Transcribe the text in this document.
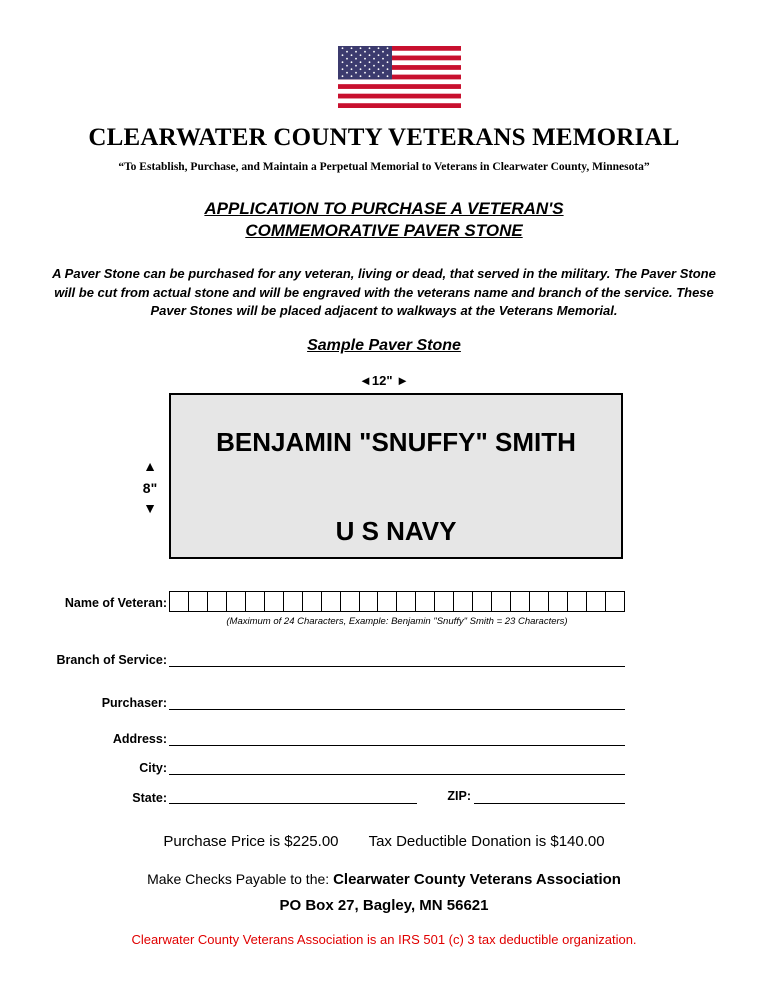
CLEARWATER COUNTY VETERANS MEMORIAL
“To Establish, Purchase, and Maintain a Perpetual Memorial to Veterans in Clearwater County, Minnesota”
APPLICATION TO PURCHASE A VETERAN'S
COMMEMORATIVE PAVER STONE
A Paver Stone can be purchased for any veteran, living or dead, that served in the military. The Paver Stone will be cut from actual stone and will be engraved with the veterans name and branch of the service. These Paver Stones will be placed adjacent to walkways at the Veterans Memorial.
Sample Paver Stone
◄12" ►
BENJAMIN "SNUFFY" SMITH
U S NAVY
▲
8"
▼
Name of Veteran:
(Maximum of 24 Characters, Example: Benjamin "Snuffy" Smith = 23 Characters)
Branch of Service:
Purchaser:
Address:
City:
State:	ZIP:
Purchase Price is $225.00 Tax Deductible Donation is $140.00
Make Checks Payable to the: Clearwater County Veterans Association
PO Box 27, Bagley, MN 56621
Clearwater County Veterans Association is an IRS 501 (c) 3 tax deductible organization.
